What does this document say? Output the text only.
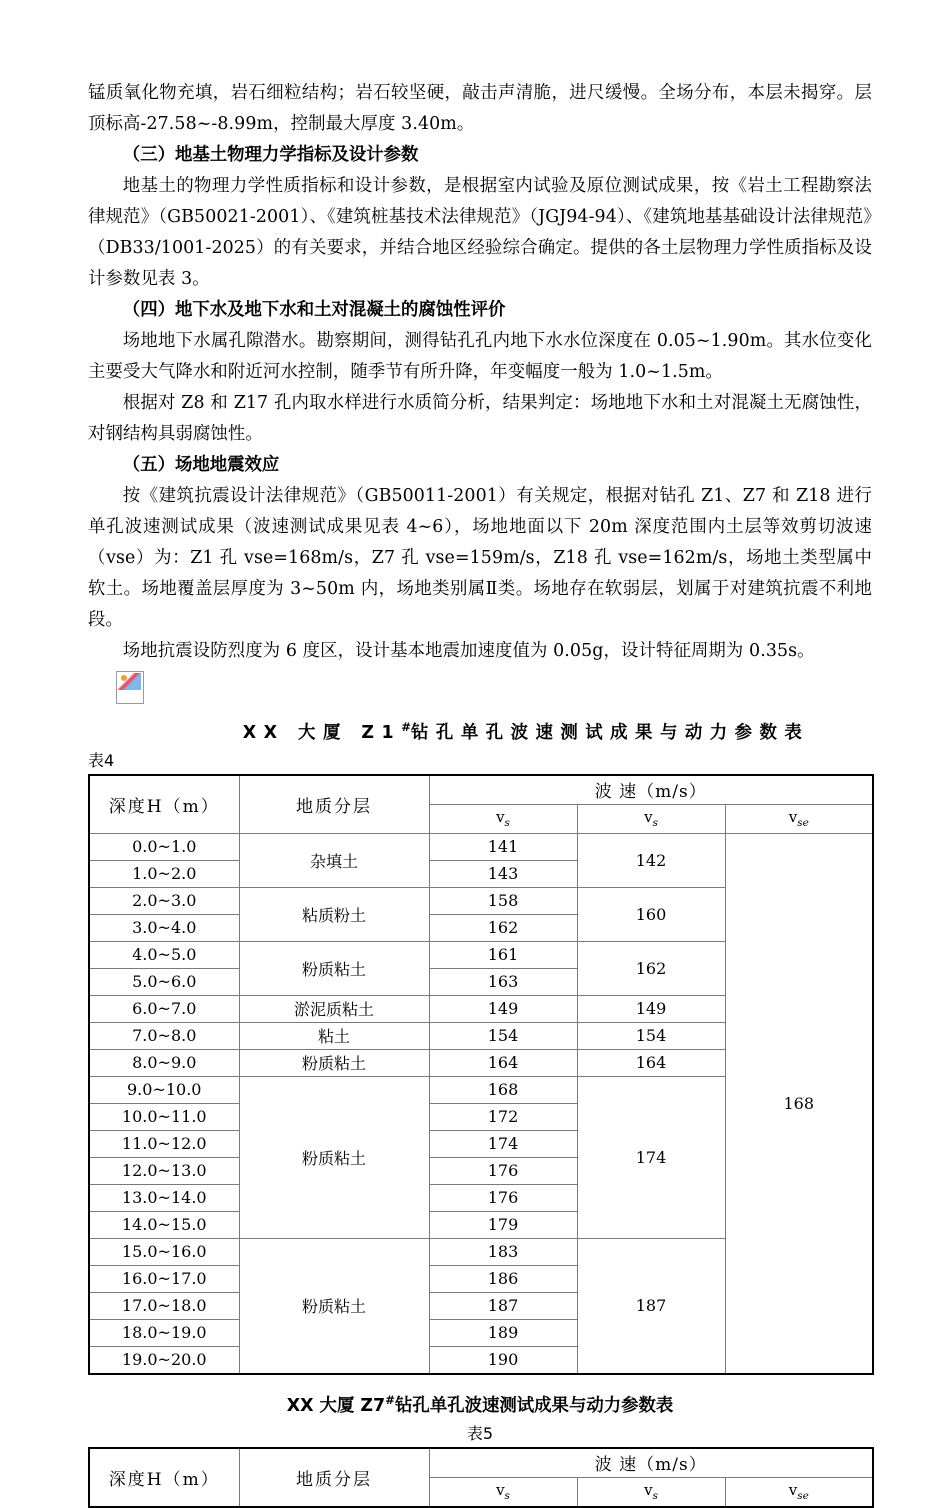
锰质氧化物充填，岩石细粒结构；岩石较坚硬，敲击声清脆，进尺缓慢。全场分布，本层未揭穿。层顶标高-27.58~-8.99m，控制最大厚度 3.40m。

（三）地基土物理力学指标及设计参数

地基土的物理力学性质指标和设计参数，是根据室内试验及原位测试成果，按《岩土工程勘察法律规范》（GB50021-2001）、《建筑桩基技术法律规范》（JGJ94-94）、《建筑地基基础设计法律规范》（DB33/1001-2025）的有关要求，并结合地区经验综合确定。提供的各土层物理力学性质指标及设计参数见表 3。

（四）地下水及地下水和土对混凝土的腐蚀性评价

场地地下水属孔隙潜水。勘察期间，测得钻孔孔内地下水水位深度在 0.05~1.90m。其水位变化主要受大气降水和附近河水控制，随季节有所升降，年变幅度一般为 1.0~1.5m。

根据对 Z8 和 Z17 孔内取水样进行水质简分析，结果判定：场地地下水和土对混凝土无腐蚀性，对钢结构具弱腐蚀性。

（五）场地地震效应

按《建筑抗震设计法律规范》（GB50011-2001）有关规定，根据对钻孔 Z1、Z7 和 Z18 进行单孔波速测试成果（波速测试成果见表 4~6），场地地面以下 20m 深度范围内土层等效剪切波速（vse）为：Z1 孔 vse=168m/s，Z7 孔 vse=159m/s，Z18 孔 vse=162m/s，场地土类型属中软土。场地覆盖层厚度为 3~50m 内，场地类别属Ⅱ类。场地存在软弱层，划属于对建筑抗震不利地段。

场地抗震设防烈度为 6 度区，设计基本地震加速度值为 0.05g，设计特征周期为 0.35s。

XX 大厦 Z1#钻孔单孔波速测试成果与动力参数表

表4

深度H（m）	地质分层	波 速（m/s）		
		$v_s$	$v_s$	$v_{se}$
0.0~1.0	杂填土	141	142	168
1.0~2.0		143		
2.0~3.0	粘质粉土	158	160	
3.0~4.0		162		
4.0~5.0	粉质粘土	161	162	
5.0~6.0		163		
6.0~7.0	淤泥质粘土	149	149	
7.0~8.0	粘土	154	154	
8.0~9.0	粉质粘土	164	164	
9.0~10.0	粉质粘土	168	174	
10.0~11.0		172		
11.0~12.0		174		
12.0~13.0		176		
13.0~14.0		176		
14.0~15.0		179		
15.0~16.0	粉质粘土	183	187	
16.0~17.0		186		
17.0~18.0		187		
18.0~19.0		189		
19.0~20.0		190		

XX 大厦 Z7#钻孔单孔波速测试成果与动力参数表

表5

深度H（m）	地质分层	波 速（m/s）		
		$v_s$	$v_s$	$v_{se}$
